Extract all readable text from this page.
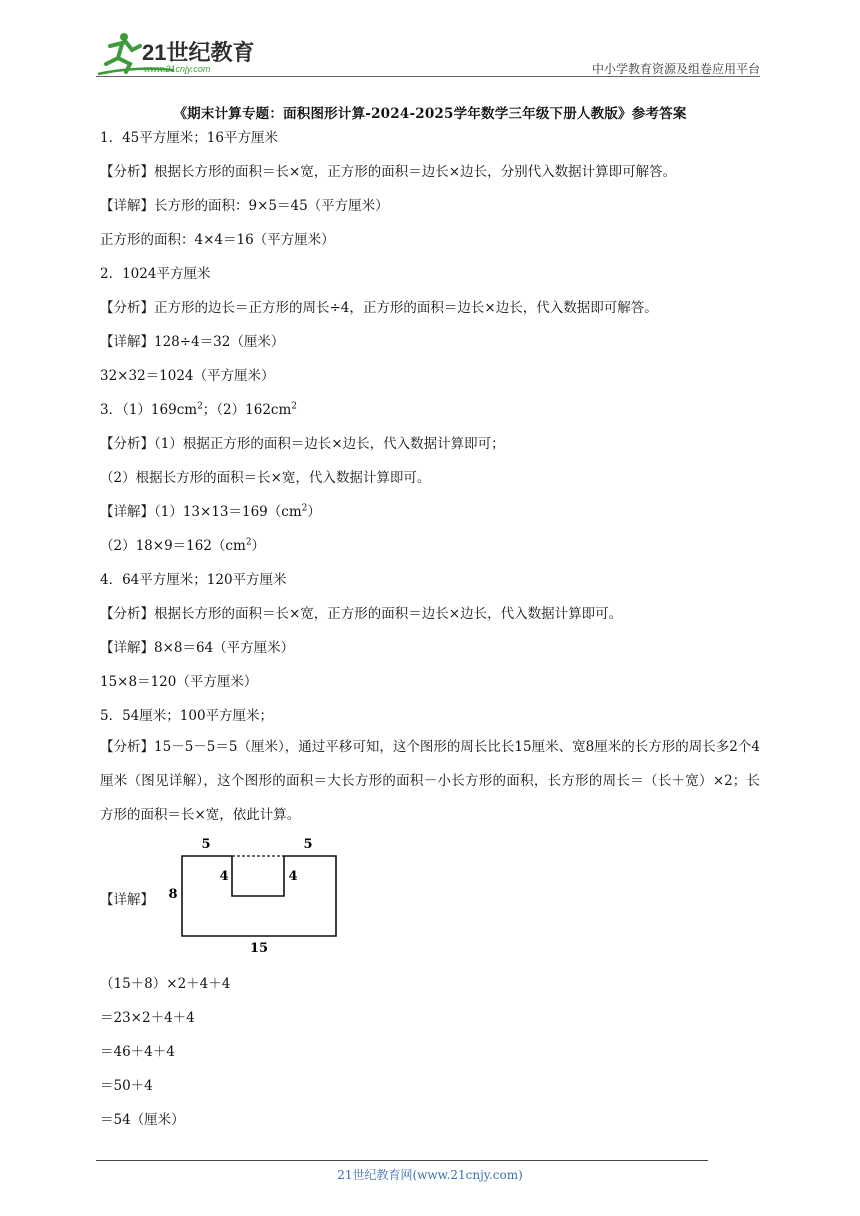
21世纪教育
www.21cnjy.com	中小学教育资源及组卷应用平台
《期末计算专题：面积图形计算-2024-2025学年数学三年级下册人教版》参考答案
1．45平方厘米；16平方厘米
【分析】根据长方形的面积＝长×宽，正方形的面积＝边长×边长，分别代入数据计算即可解答。
【详解】长方形的面积：9×5＝45（平方厘米）
正方形的面积：4×4＝16（平方厘米）
2．1024平方厘米
【分析】正方形的边长＝正方形的周长÷4，正方形的面积＝边长×边长，代入数据即可解答。
【详解】128÷4＝32（厘米）
32×32＝1024（平方厘米）
3．$(1)169cm^2$；$(2)162cm^2$
【分析】（1）根据正方形的面积＝边长×边长，代入数据计算即可；
（2）根据长方形的面积＝长×宽，代入数据计算即可。
【详解】$(1)13\times 13=169(cm^2)$
$(2)18\times 9=162(cm^2)$
4．64平方厘米；120平方厘米
【分析】根据长方形的面积＝长×宽，正方形的面积＝边长×边长，代入数据计算即可。
【详解】8×8＝64（平方厘米）
15×8＝120（平方厘米）
5．54厘米；100平方厘米；
【分析】15－5－5＝5（厘米），通过平移可知，这个图形的周长比长15厘米、宽8厘米的长方形的周长多2个4厘米（图见详解），这个图形的面积＝大长方形的面积－小长方形的面积，长方形的周长＝（长＋宽）×2；长方形的面积＝长×宽，依此计算。
【详解】
5	5
4	4
8
15
（15＋8）×2＋4＋4
＝23×2＋4＋4
＝46＋4＋4
＝50＋4
＝54（厘米）
21世纪教育网(www.21cnjy.com)
